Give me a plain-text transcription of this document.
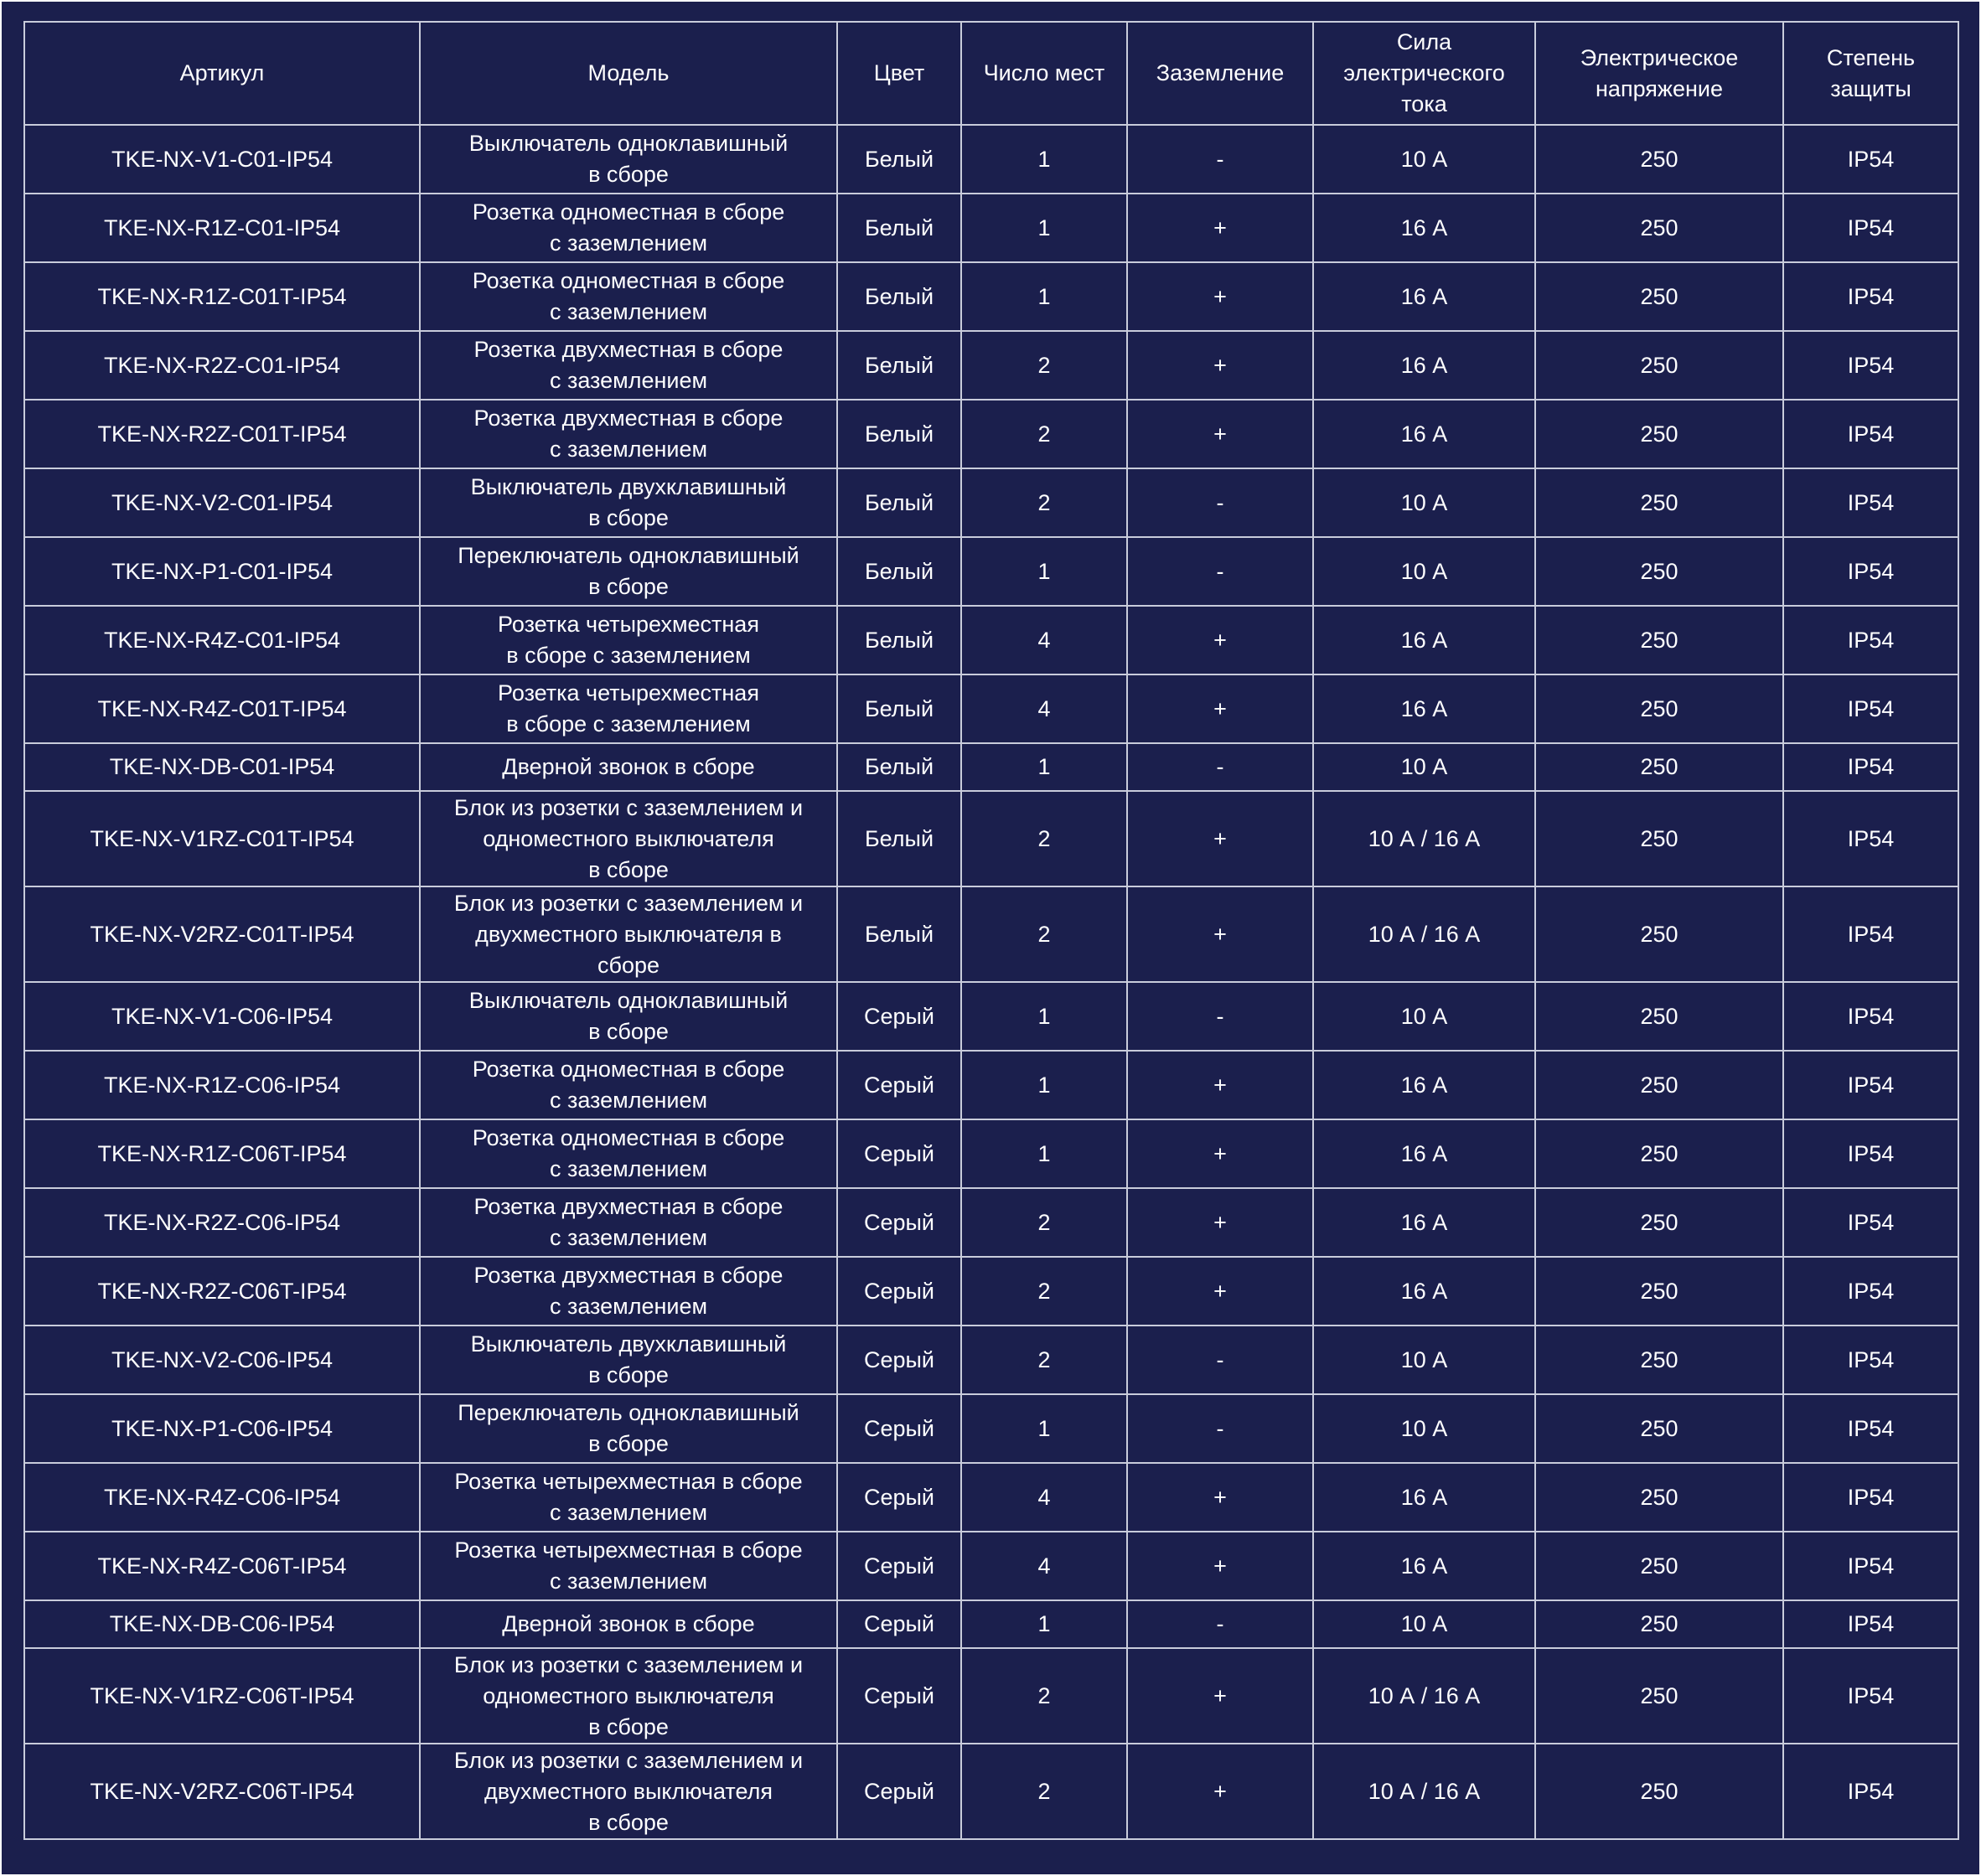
Артикул	Модель	Цвет	Число мест	Заземление	Сила
электрического
тока	Электрическое
напряжение	Степень
защиты
TKE-NX-V1-C01-IP54	Выключатель одноклавишный
в сборе	Белый	1	-	10 А	250	IP54
TKE-NX-R1Z-C01-IP54	Розетка одноместная в сборе
с заземлением	Белый	1	+	16 А	250	IP54
TKE-NX-R1Z-C01T-IP54	Розетка одноместная в сборе
с заземлением	Белый	1	+	16 А	250	IP54
TKE-NX-R2Z-C01-IP54	Розетка двухместная в сборе
с заземлением	Белый	2	+	16 А	250	IP54
TKE-NX-R2Z-C01T-IP54	Розетка двухместная в сборе
с заземлением	Белый	2	+	16 А	250	IP54
TKE-NX-V2-C01-IP54	Выключатель двухклавишный
в сборе	Белый	2	-	10 А	250	IP54
TKE-NX-P1-C01-IP54	Переключатель одноклавишный
в сборе	Белый	1	-	10 А	250	IP54
TKE-NX-R4Z-C01-IP54	Розетка четырехместная
в сборе с заземлением	Белый	4	+	16 А	250	IP54
TKE-NX-R4Z-C01T-IP54	Розетка четырехместная
в сборе с заземлением	Белый	4	+	16 А	250	IP54
TKE-NX-DB-C01-IP54	Дверной звонок в сборе	Белый	1	-	10 А	250	IP54
TKE-NX-V1RZ-C01T-IP54	Блок из розетки с заземлением и
одноместного выключателя
в сборе	Белый	2	+	10 А / 16 А	250	IP54
TKE-NX-V2RZ-C01T-IP54	Блок из розетки с заземлением и
двухместного выключателя в
сборе	Белый	2	+	10 А / 16 А	250	IP54
TKE-NX-V1-C06-IP54	Выключатель одноклавишный
в сборе	Серый	1	-	10 А	250	IP54
TKE-NX-R1Z-C06-IP54	Розетка одноместная в сборе
с заземлением	Серый	1	+	16 А	250	IP54
TKE-NX-R1Z-C06T-IP54	Розетка одноместная в сборе
с заземлением	Серый	1	+	16 А	250	IP54
TKE-NX-R2Z-C06-IP54	Розетка двухместная в сборе
с заземлением	Серый	2	+	16 А	250	IP54
TKE-NX-R2Z-C06T-IP54	Розетка двухместная в сборе
с заземлением	Серый	2	+	16 А	250	IP54
TKE-NX-V2-C06-IP54	Выключатель двухклавишный
в сборе	Серый	2	-	10 А	250	IP54
TKE-NX-P1-C06-IP54	Переключатель одноклавишный
в сборе	Серый	1	-	10 А	250	IP54
TKE-NX-R4Z-C06-IP54	Розетка четырехместная в сборе
с заземлением	Серый	4	+	16 А	250	IP54
TKE-NX-R4Z-C06T-IP54	Розетка четырехместная в сборе
с заземлением	Серый	4	+	16 А	250	IP54
TKE-NX-DB-C06-IP54	Дверной звонок в сборе	Серый	1	-	10 А	250	IP54
TKE-NX-V1RZ-C06T-IP54	Блок из розетки с заземлением и
одноместного выключателя
в сборе	Серый	2	+	10 А / 16 А	250	IP54
TKE-NX-V2RZ-C06T-IP54	Блок из розетки с заземлением и
двухместного выключателя
в сборе	Серый	2	+	10 А / 16 А	250	IP54
